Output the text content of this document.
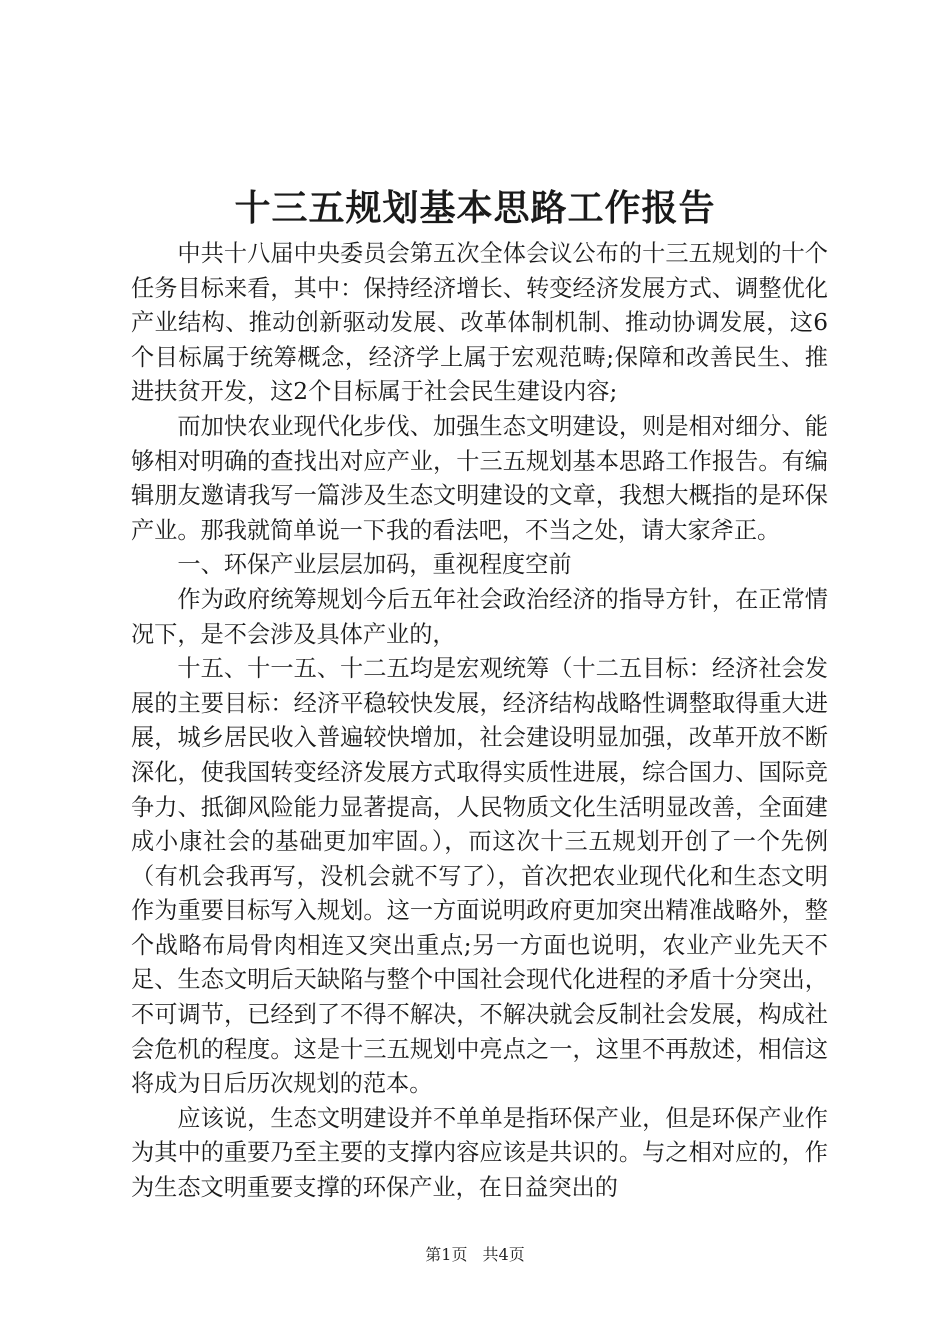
十三五规划基本思路工作报告

中共十八届中央委员会第五次全体会议公布的十三五规划的十个任务目标来看，其中：保持经济增长、转变经济发展方式、调整优化产业结构、推动创新驱动发展、改革体制机制、推动协调发展，这6个目标属于统筹概念，经济学上属于宏观范畴;保障和改善民生、推进扶贫开发，这2个目标属于社会民生建设内容;

而加快农业现代化步伐、加强生态文明建设，则是相对细分、能够相对明确的查找出对应产业，十三五规划基本思路工作报告。有编辑朋友邀请我写一篇涉及生态文明建设的文章，我想大概指的是环保产业。那我就简单说一下我的看法吧，不当之处，请大家斧正。

一、环保产业层层加码，重视程度空前

作为政府统筹规划今后五年社会政治经济的指导方针，在正常情况下，是不会涉及具体产业的，

十五、十一五、十二五均是宏观统筹（十二五目标：经济社会发展的主要目标：经济平稳较快发展，经济结构战略性调整取得重大进展，城乡居民收入普遍较快增加，社会建设明显加强，改革开放不断深化，使我国转变经济发展方式取得实质性进展，综合国力、国际竞争力、抵御风险能力显著提高，人民物质文化生活明显改善，全面建成小康社会的基础更加牢固。），而这次十三五规划开创了一个先例（有机会我再写，没机会就不写了），首次把农业现代化和生态文明作为重要目标写入规划。这一方面说明政府更加突出精准战略外，整个战略布局骨肉相连又突出重点;另一方面也说明，农业产业先天不足、生态文明后天缺陷与整个中国社会现代化进程的矛盾十分突出，不可调节，已经到了不得不解决，不解决就会反制社会发展，构成社会危机的程度。这是十三五规划中亮点之一，这里不再敖述，相信这将成为日后历次规划的范本。

应该说，生态文明建设并不单单是指环保产业，但是环保产业作为其中的重要乃至主要的支撑内容应该是共识的。与之相对应的，作为生态文明重要支撑的环保产业，在日益突出的

第1页 共4页
